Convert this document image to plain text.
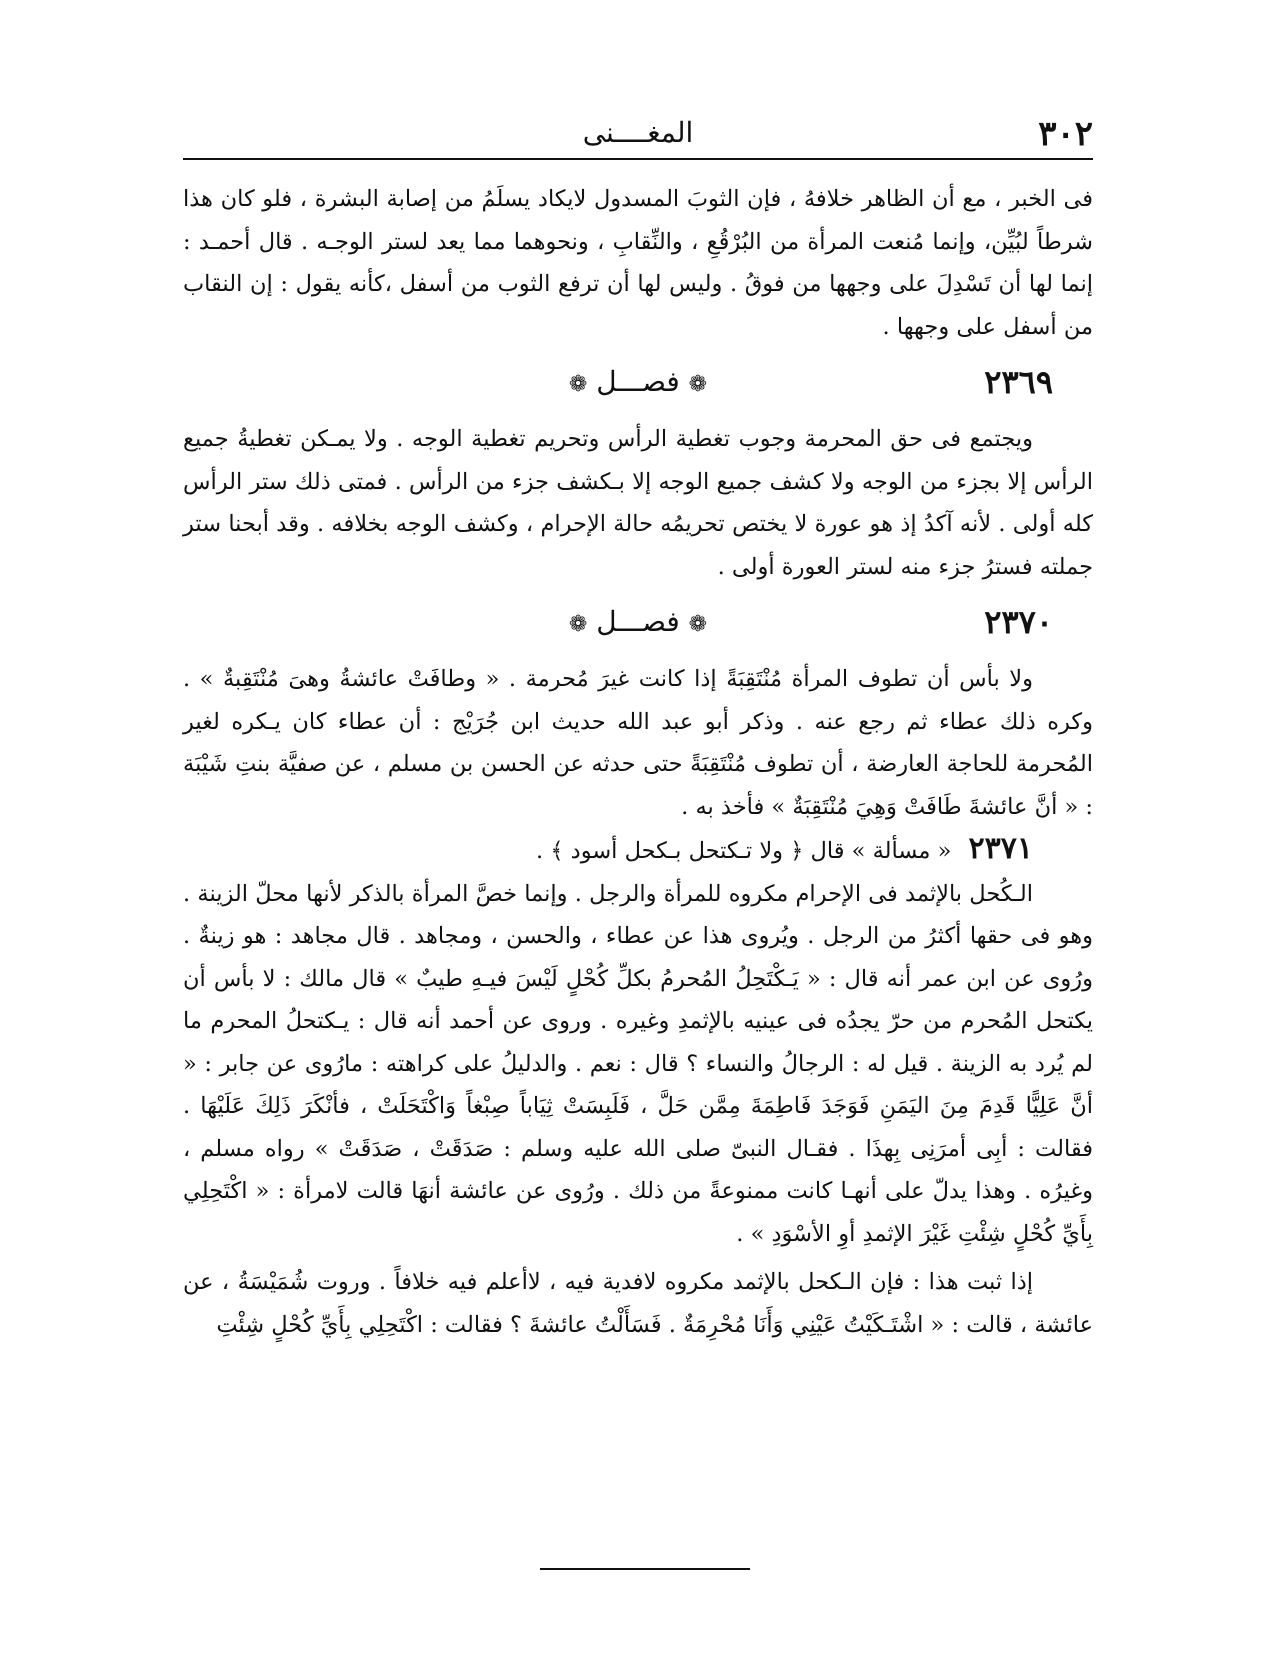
٣٠٢
المغــــنى

فى الخبر ، مع أن الظاهر خلافهُ ، فإن الثوبَ المسدول لايكاد يسلَمُ من إصابة البشرة ، فلو كان هذا شرطاً لبُيِّن، وإنما مُنعت المرأة من البُرْقُعِ ، والنِّقابِ ، ونحوهما مما يعد لستر الوجـه . قال أحمـد : إنما لها أن تَسْدِلَ على وجهها من فوقُ . وليس لها أن ترفع الثوب من أسفل ،كأنه يقول : إن النقاب من أسفل على وجهها .

٢٣٦٩
❁ فصـــل ❁

ويجتمع فى حق المحرمة وجوب تغطية الرأس وتحريم تغطية الوجه . ولا يمـكن تغطيةُ جميع الرأس إلا بجزء من الوجه ولا كشف جميع الوجه إلا بـكشف جزء من الرأس . فمتى ذلك ستر الرأس كله أولى . لأنه آكدُ إذ هو عورة لا يختص تحريمُه حالة الإحرام ، وكشف الوجه بخلافه . وقد أبحنا ستر جملته فسترُ جزء منه لستر العورة أولى .

٢٣٧٠
❁ فصـــل ❁

ولا بأس أن تطوف المرأة مُنْتَقِبَةً إذا كانت غيرَ مُحرمة . « وطافَتْ عائشةُ وهىَ مُنْتَقِبةٌ » . وكره ذلك عطاء ثم رجع عنه . وذكر أبو عبد الله حديث ابن جُرَيْج : أن عطاء كان يـكره لغير المُحرمة للحاجة العارضة ، أن تطوف مُنْتَقِبَةً حتى حدثه عن الحسن بن مسلم ، عن صفيَّة بنتِ شَيْبَة : « أنَّ عائشةَ طَافَتْ وَهِيَ مُنْتَقِبَةٌ » فأخذ به .

٢٣٧١ « مسألة » قال ﴿ ولا تـكتحل بـكحل أسود ﴾ .

الـكُحل بالإثمد فى الإحرام مكروه للمرأة والرجل . وإنما خصَّ المرأة بالذكر لأنها محلّ الزينة . وهو فى حقها أكثرُ من الرجل . ويُروى هذا عن عطاء ، والحسن ، ومجاهد . قال مجاهد : هو زينةٌ . ورُوى عن ابن عمر أنه قال : « يَـكْتَحِلُ المُحرمُ بكلِّ كُحْلٍ لَيْسَ فيـهِ طيبٌ » قال مالك : لا بأس أن يكتحل المُحرم من حرّ يجدُه فى عينيه بالإثمدِ وغيره . وروى عن أحمد أنه قال : يـكتحلُ المحرم ما لم يُرد به الزينة . قيل له : الرجالُ والنساء ؟ قال : نعم . والدليلُ على كراهته : مارُوى عن جابر : « أنَّ عَلِيًّا قَدِمَ مِنَ اليَمَنِ فَوَجَدَ فَاطِمَةَ مِمَّن حَلَّ ، فَلَبِسَتْ ثِيَاباً صِبْغاً وَاكْتَحَلَتْ ، فأنْكَرَ ذَلِكَ عَلَيْهَا . فقالت : أبِى أمرَنِى بِهذَا . فقـال النبىّ صلى الله عليه وسلم : صَدَقَتْ ، صَدَقَتْ » رواه مسلم ، وغيرُه . وهذا يدلّ على أنهـا كانت ممنوعةً من ذلك . ورُوى عن عائشة أنهَا قالت لامرأة : « اكْتَحِلِي بِأَيِّ كُحْلٍ شِئْتِ غَيْرَ الإثمدِ أوِ الأسْوَدِ » .

إذا ثبت هذا : فإن الـكحل بالإثمد مكروه لافدية فيه ، لاأعلم فيه خلافاً . وروت شُمَيْسَةُ ، عن عائشة ، قالت : « اشْتَـكَيْتُ عَيْنِي وَأَنَا مُحْرِمَةٌ . فَسَأَلْتُ عائشةَ ؟ فقالت : اكْتَحِلِي بِأَيِّ كُحْلٍ شِئْتِ
